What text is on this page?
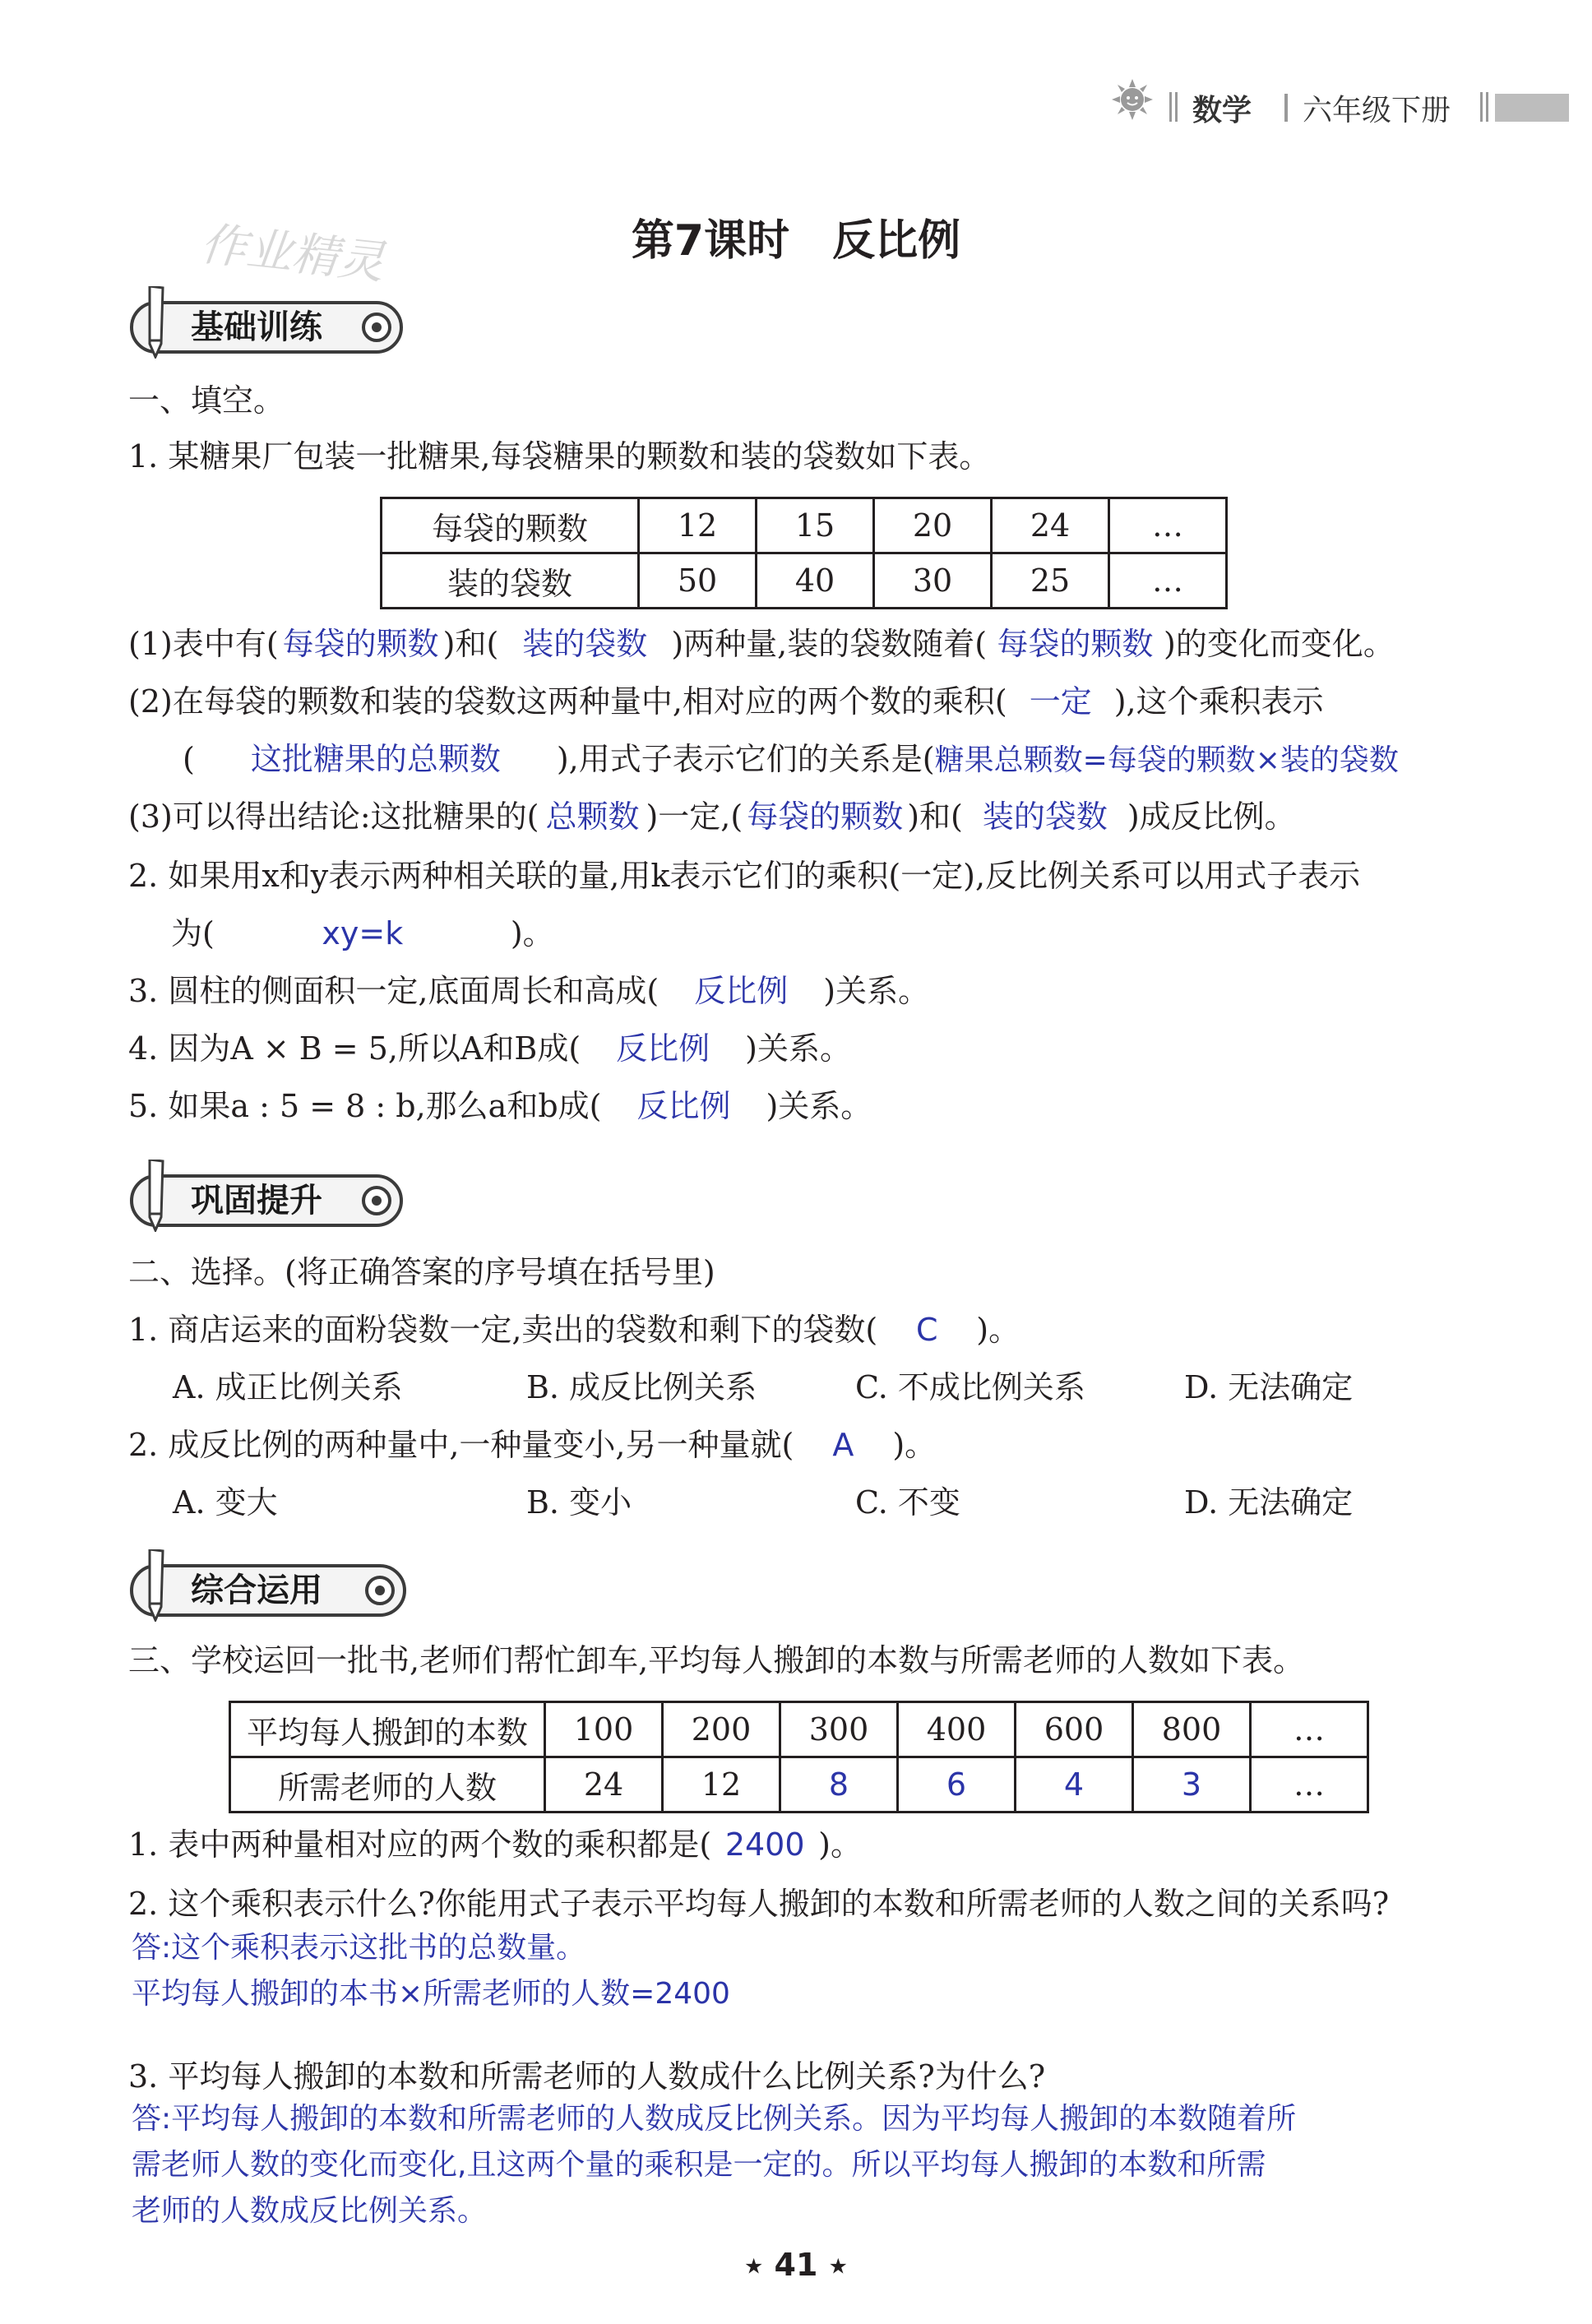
数学 六年级下册
作业精灵	第7课时　反比例
基础训练
一、填空。
1. 某糖果厂包装一批糖果,每袋糖果的颗数和装的袋数如下表。
每袋的颗数	12	15	20	24	…
装的袋数	50	40	30	25	…
(1)表中有( 每袋的颗数 )和( 装的袋数 )两种量,装的袋数随着( 每袋的颗数 )的变化而变化。
(2)在每袋的颗数和装的袋数这两种量中,相对应的两个数的乘积( 一定 ),这个乘积表示
( 这批糖果的总颗数 ),用式子表示它们的关系是(糖果总颗数=每袋的颗数×装的袋数
(3)可以得出结论:这批糖果的( 总颗数 )一定,( 每袋的颗数 )和( 装的袋数 )成反比例。
2. 如果用x和y表示两种相关联的量,用k表示它们的乘积(一定),反比例关系可以用式子表示
为(	xy=k	)。
3. 圆柱的侧面积一定,底面周长和高成( 反比例 )关系。
4. 因为A × B = 5,所以A和B成( 反比例 )关系。
5. 如果a : 5 = 8 : b,那么a和b成( 反比例 )关系。
巩固提升
二、选择。(将正确答案的序号填在括号里)
1. 商店运来的面粉袋数一定,卖出的袋数和剩下的袋数( C )。
A. 成正比例关系	B. 成反比例关系	C. 不成比例关系	D. 无法确定
2. 成反比例的两种量中,一种量变小,另一种量就( A )。
A. 变大	B. 变小	C. 不变	D. 无法确定
综合运用
三、学校运回一批书,老师们帮忙卸车,平均每人搬卸的本数与所需老师的人数如下表。
平均每人搬卸的本数	100	200	300	400	600	800	…
所需老师的人数	24	12	8	6	4	3	…
1. 表中两种量相对应的两个数的乘积都是( 2400 )。
2. 这个乘积表示什么?你能用式子表示平均每人搬卸的本数和所需老师的人数之间的关系吗?
答:这个乘积表示这批书的总数量。
平均每人搬卸的本书×所需老师的人数=2400
3. 平均每人搬卸的本数和所需老师的人数成什么比例关系?为什么?
答:平均每人搬卸的本数和所需老师的人数成反比例关系。因为平均每人搬卸的本数随着所
需老师人数的变化而变化,且这两个量的乘积是一定的。所以平均每人搬卸的本数和所需
老师的人数成反比例关系。
★ 41 ★
